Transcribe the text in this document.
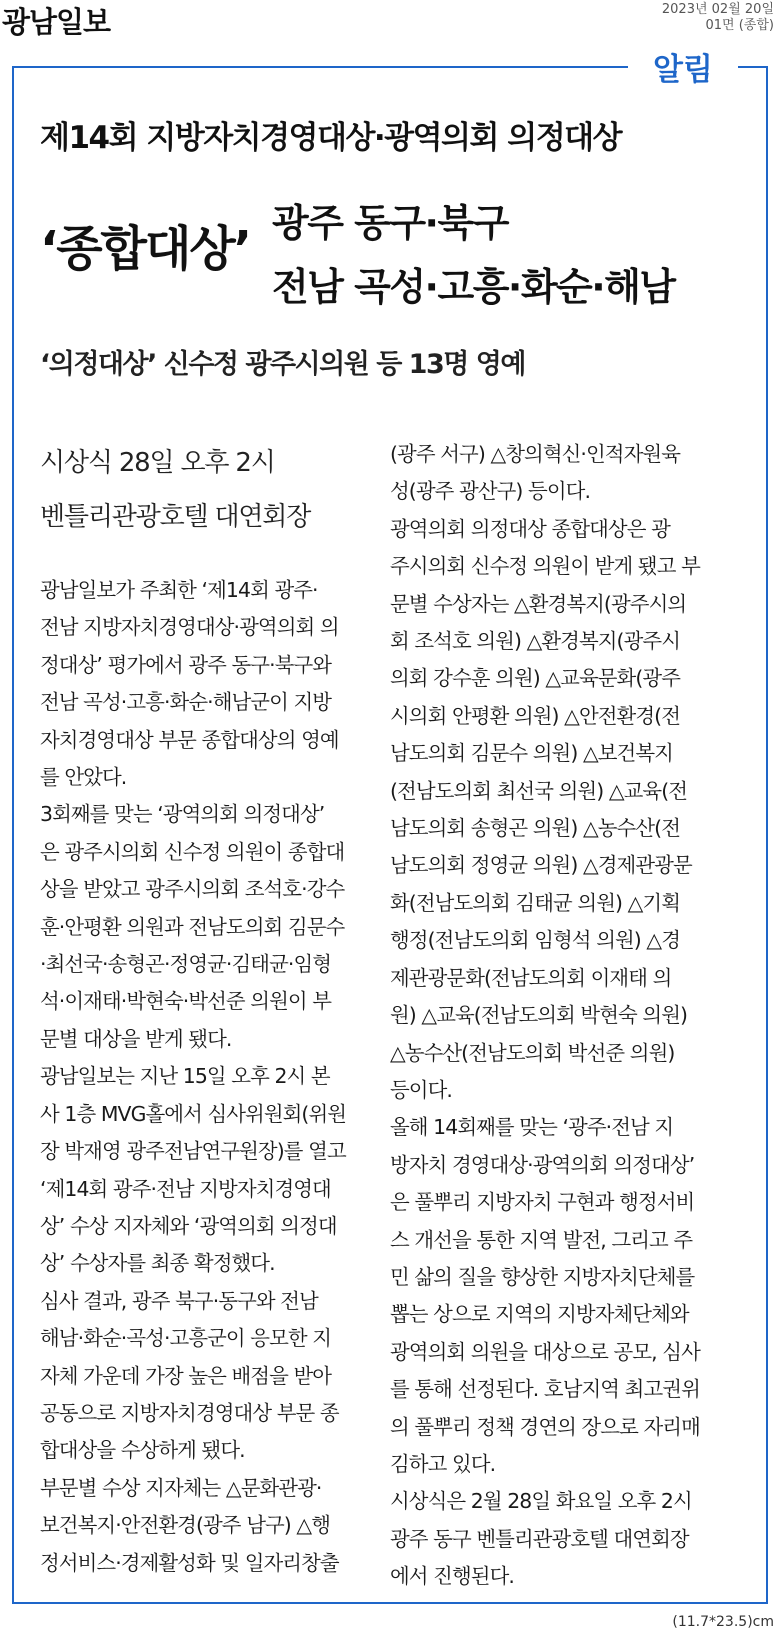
광남일보	2023년 02월 20일
01면 (종합)
알림
제14회 지방자치경영대상·광역의회 의정대상
‘종합대상’ 광주 동구·북구
전남 곡성·고흥·화순·해남
‘의정대상’ 신수정 광주시의원 등 13명 영예
시상식 28일 오후 2시
벤틀리관광호텔 대연회장

광남일보가 주최한 ‘제14회 광주·
전남 지방자치경영대상·광역의회 의
정대상’ 평가에서 광주 동구·북구와
전남 곡성·고흥·화순·해남군이 지방
자치경영대상 부문 종합대상의 영예
를 안았다.

3회째를 맞는 ‘광역의회 의정대상’
은 광주시의회 신수정 의원이 종합대
상을 받았고 광주시의회 조석호·강수
훈·안평환 의원과 전남도의회 김문수
·최선국·송형곤·정영균·김태균·임형
석·이재태·박현숙·박선준 의원이 부
문별 대상을 받게 됐다.

광남일보는 지난 15일 오후 2시 본
사 1층 MVG홀에서 심사위원회(위원
장 박재영 광주전남연구원장)를 열고
‘제14회 광주·전남 지방자치경영대
상’ 수상 지자체와 ‘광역의회 의정대
상’ 수상자를 최종 확정했다.

심사 결과, 광주 북구·동구와 전남
해남·화순·곡성·고흥군이 응모한 지
자체 가운데 가장 높은 배점을 받아
공동으로 지방자치경영대상 부문 종
합대상을 수상하게 됐다.

부문별 수상 지자체는 △문화관광·
보건복지·안전환경(광주 남구) △행
정서비스·경제활성화 및 일자리창출

(광주 서구) △창의혁신·인적자원육
성(광주 광산구) 등이다.

광역의회 의정대상 종합대상은 광
주시의회 신수정 의원이 받게 됐고 부
문별 수상자는 △환경복지(광주시의
회 조석호 의원) △환경복지(광주시
의회 강수훈 의원) △교육문화(광주
시의회 안평환 의원) △안전환경(전
남도의회 김문수 의원) △보건복지
(전남도의회 최선국 의원) △교육(전
남도의회 송형곤 의원) △농수산(전
남도의회 정영균 의원) △경제관광문
화(전남도의회 김태균 의원) △기획
행정(전남도의회 임형석 의원) △경
제관광문화(전남도의회 이재태 의
원) △교육(전남도의회 박현숙 의원)
△농수산(전남도의회 박선준 의원)
등이다.

올해 14회째를 맞는 ‘광주·전남 지
방자치 경영대상·광역의회 의정대상’
은 풀뿌리 지방자치 구현과 행정서비
스 개선을 통한 지역 발전, 그리고 주
민 삶의 질을 향상한 지방자치단체를
뽑는 상으로 지역의 지방자체단체와
광역의회 의원을 대상으로 공모, 심사
를 통해 선정된다. 호남지역 최고권위
의 풀뿌리 정책 경연의 장으로 자리매
김하고 있다.

시상식은 2월 28일 화요일 오후 2시
광주 동구 벤틀리관광호텔 대연회장
에서 진행된다.

(11.7*23.5)cm
